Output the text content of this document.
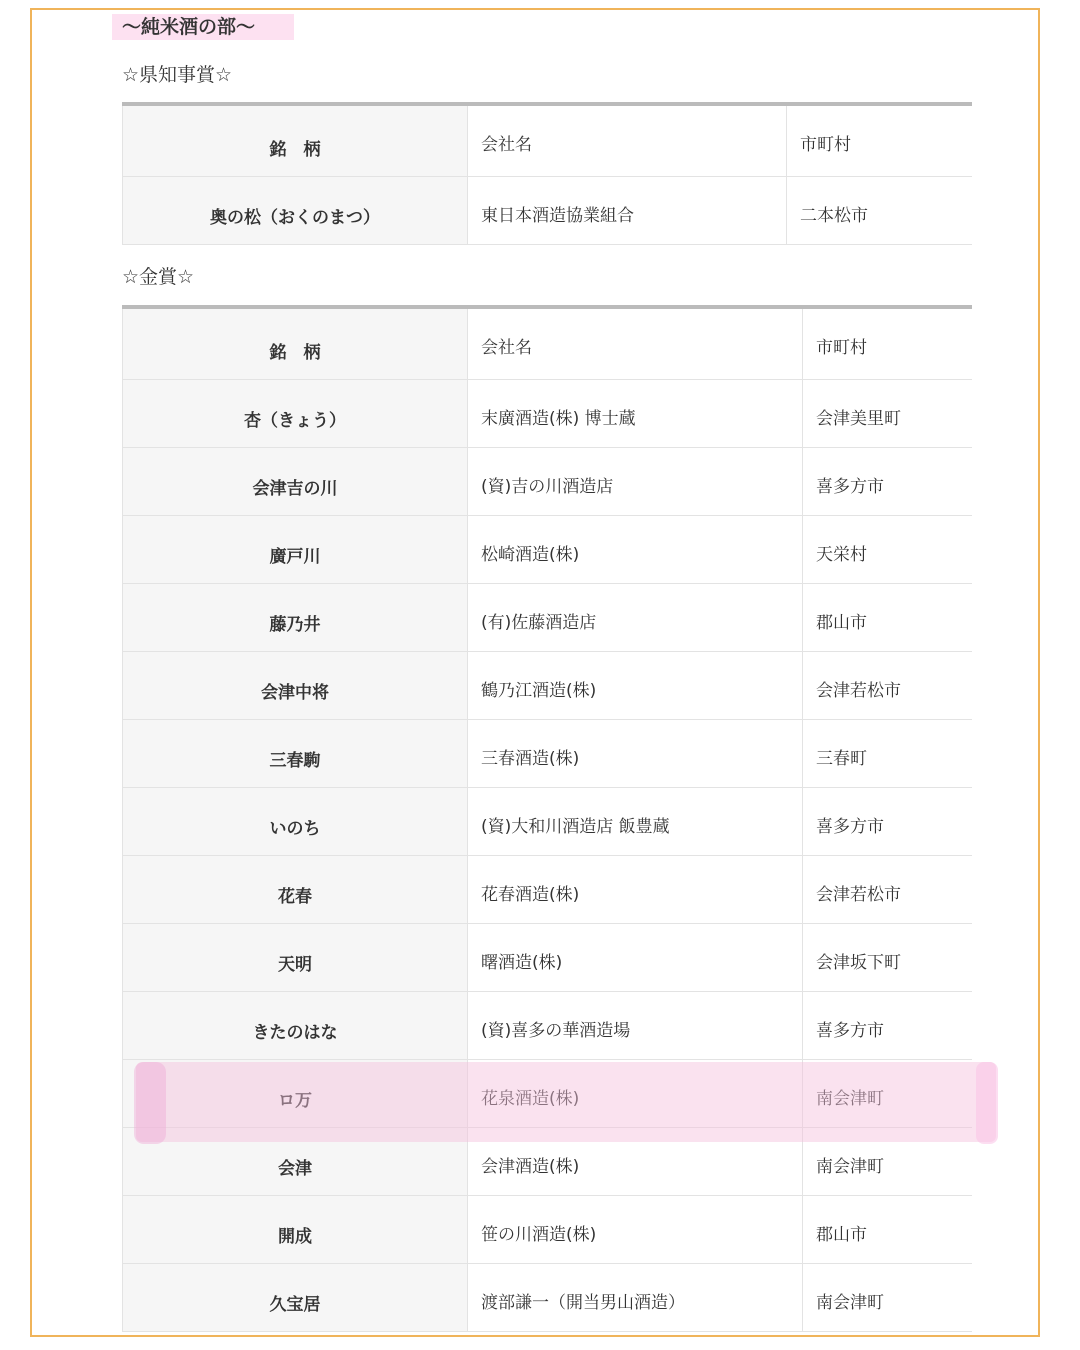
〜純米酒の部〜
☆県知事賞☆
銘　柄	会社名	市町村
奥の松（おくのまつ）	東日本酒造協業組合	二本松市
☆金賞☆
銘　柄	会社名	市町村
杏（きょう）	末廣酒造(株) 博士蔵	会津美里町
会津吉の川	(資)吉の川酒造店	喜多方市
廣戸川	松崎酒造(株)	天栄村
藤乃井	(有)佐藤酒造店	郡山市
会津中将	鶴乃江酒造(株)	会津若松市
三春駒	三春酒造(株)	三春町
いのち	(資)大和川酒造店 飯豊蔵	喜多方市
花春	花春酒造(株)	会津若松市
天明	曙酒造(株)	会津坂下町
きたのはな	(資)喜多の華酒造場	喜多方市
ロ万	花泉酒造(株)	南会津町
会津	会津酒造(株)	南会津町
開成	笹の川酒造(株)	郡山市
久宝居	渡部謙一（開当男山酒造）	南会津町
